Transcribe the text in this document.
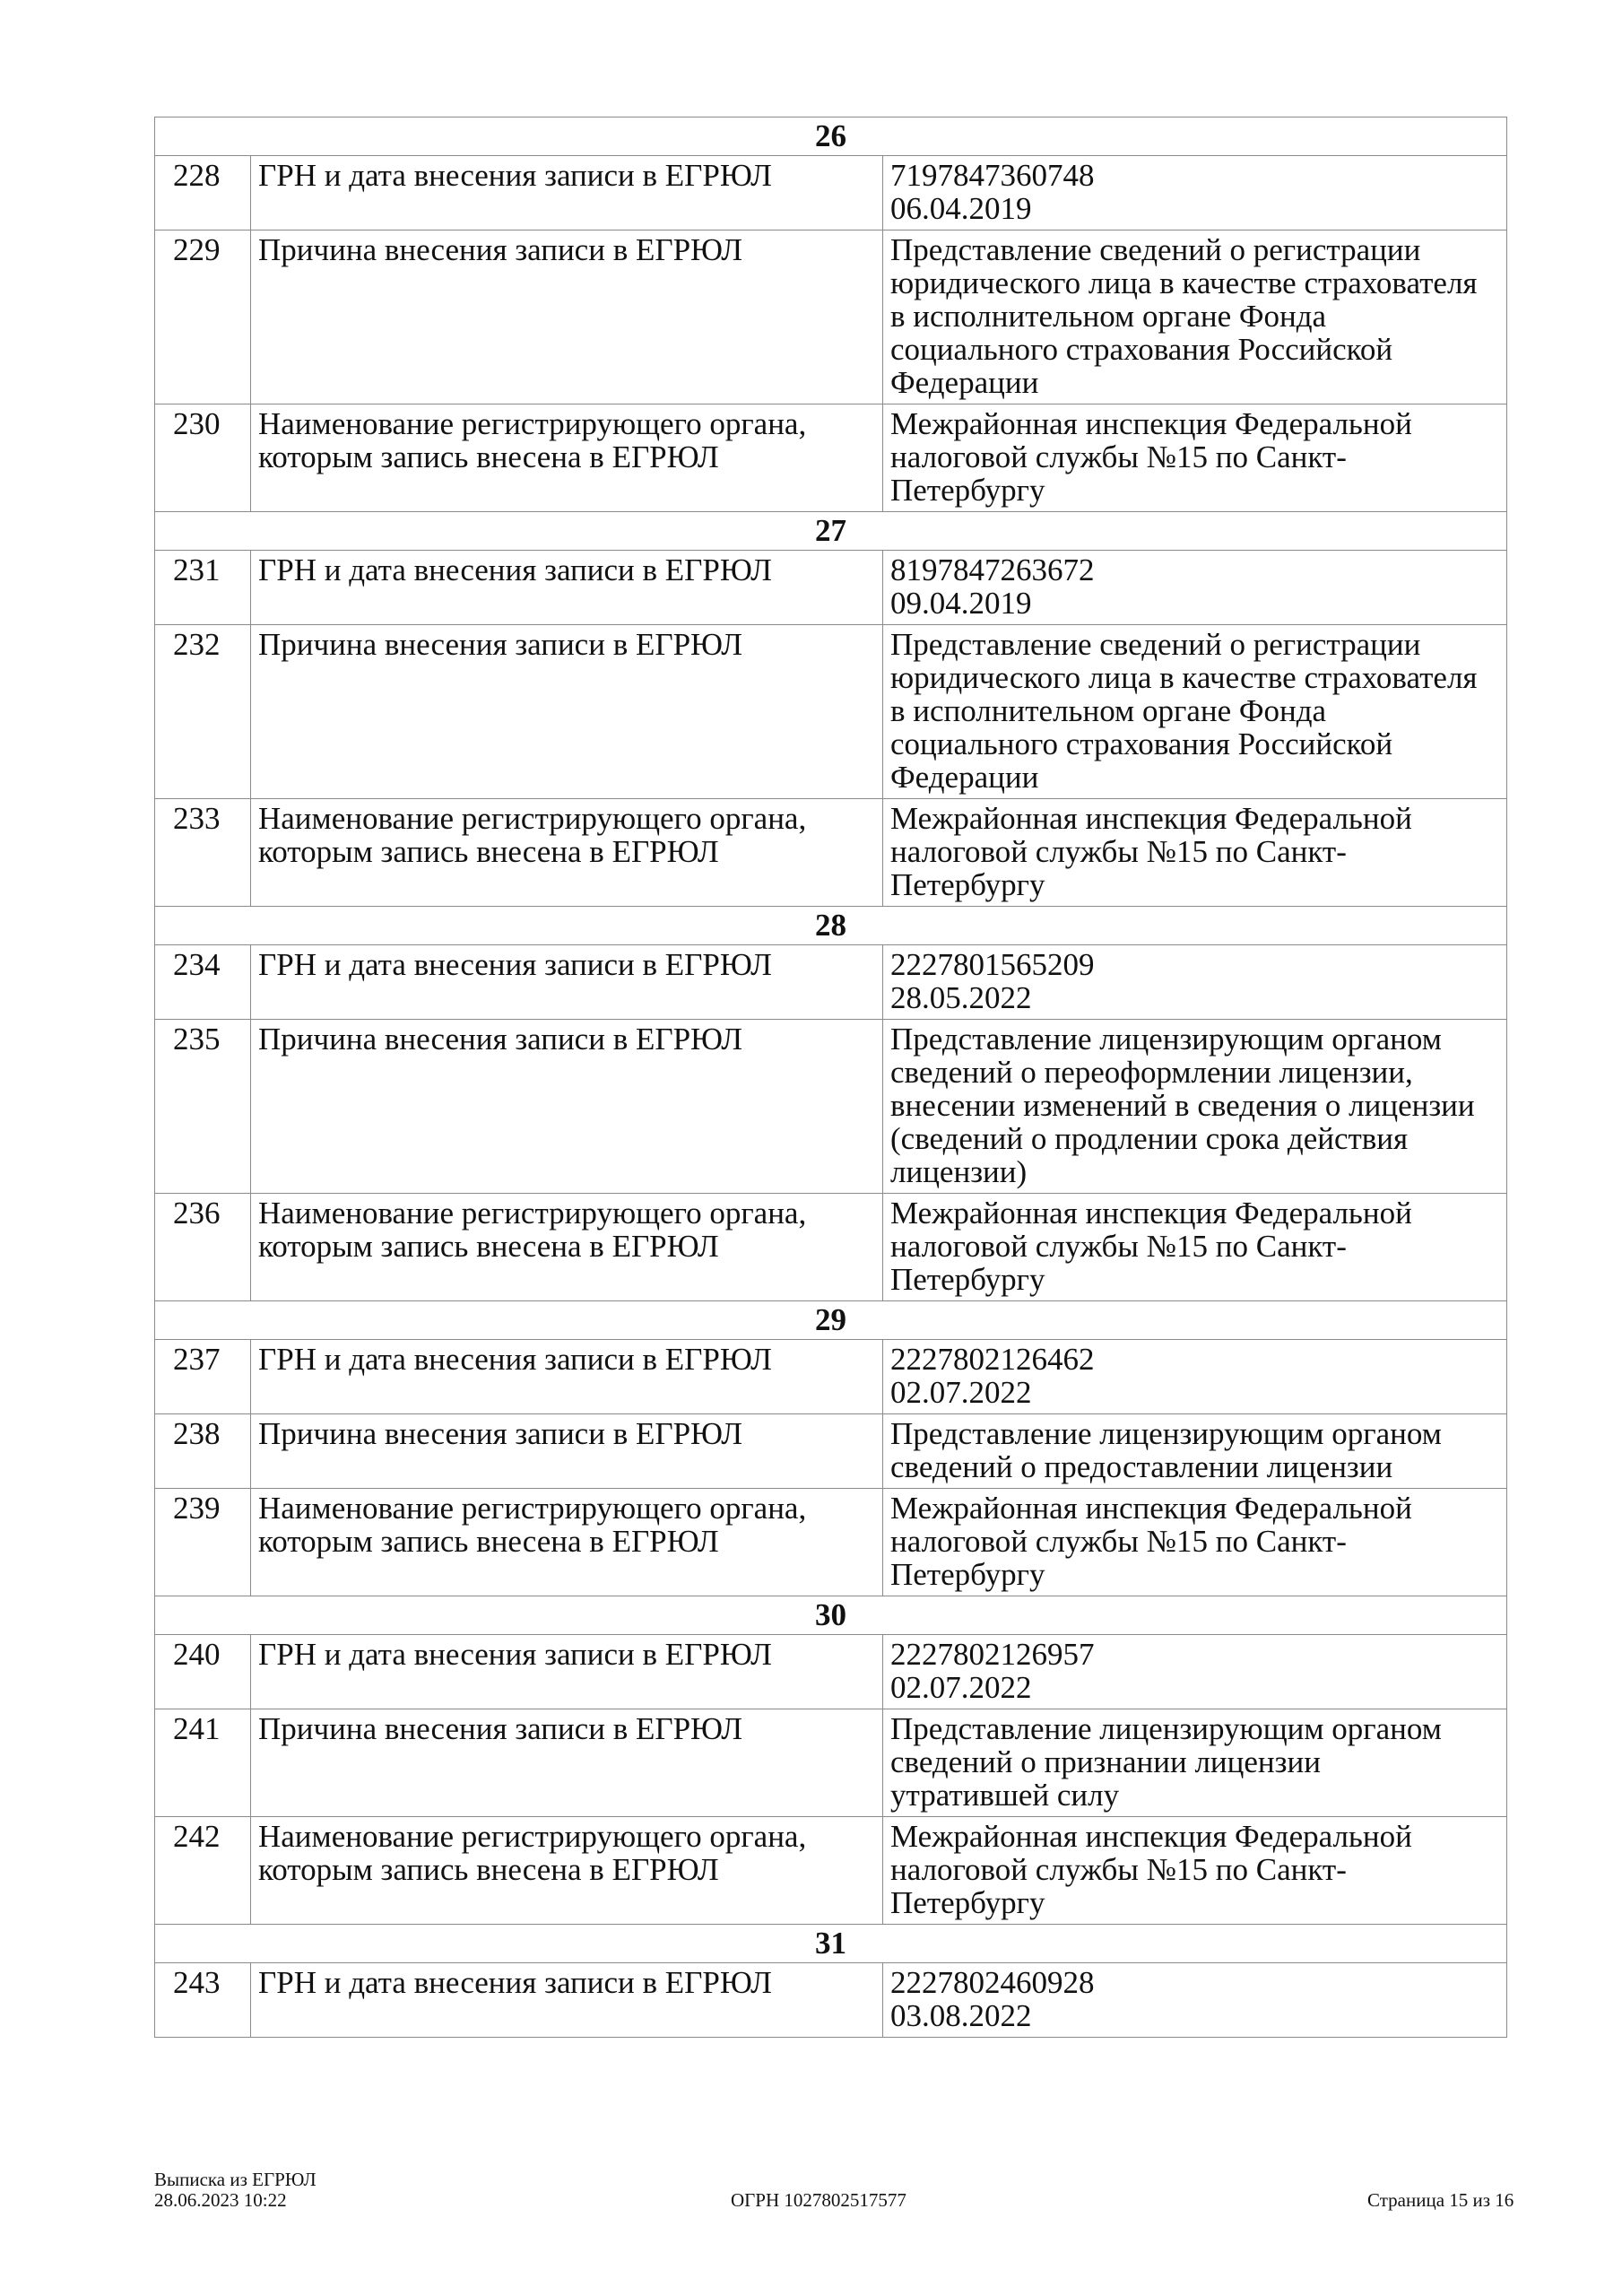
26		
228	ГРН и дата внесения записи в ЕГРЮЛ	7197847360748
06.04.2019

229	Причина внесения записи в ЕГРЮЛ	Представление сведений о регистрации
юридического лица в качестве страхователя
в исполнительном органе Фонда
социального страхования Российской
Федерации

230	Наименование регистрирующего органа,
которым запись внесена в ЕГРЮЛ	Межрайонная инспекция Федеральной
налоговой службы №15 по Санкт-
Петербургу

27		
231	ГРН и дата внесения записи в ЕГРЮЛ	8197847263672
09.04.2019

232	Причина внесения записи в ЕГРЮЛ	Представление сведений о регистрации
юридического лица в качестве страхователя
в исполнительном органе Фонда
социального страхования Российской
Федерации

233	Наименование регистрирующего органа,
которым запись внесена в ЕГРЮЛ	Межрайонная инспекция Федеральной
налоговой службы №15 по Санкт-
Петербургу

28		
234	ГРН и дата внесения записи в ЕГРЮЛ	2227801565209
28.05.2022

235	Причина внесения записи в ЕГРЮЛ	Представление лицензирующим органом
сведений о переоформлении лицензии,
внесении изменений в сведения о лицензии
(сведений о продлении срока действия
лицензии)

236	Наименование регистрирующего органа,
которым запись внесена в ЕГРЮЛ	Межрайонная инспекция Федеральной
налоговой службы №15 по Санкт-
Петербургу

29		
237	ГРН и дата внесения записи в ЕГРЮЛ	2227802126462
02.07.2022

238	Причина внесения записи в ЕГРЮЛ	Представление лицензирующим органом
сведений о предоставлении лицензии

239	Наименование регистрирующего органа,
которым запись внесена в ЕГРЮЛ	Межрайонная инспекция Федеральной
налоговой службы №15 по Санкт-
Петербургу

30		
240	ГРН и дата внесения записи в ЕГРЮЛ	2227802126957
02.07.2022

241	Причина внесения записи в ЕГРЮЛ	Представление лицензирующим органом
сведений о признании лицензии
утратившей силу

242	Наименование регистрирующего органа,
которым запись внесена в ЕГРЮЛ	Межрайонная инспекция Федеральной
налоговой службы №15 по Санкт-
Петербургу

31		
243	ГРН и дата внесения записи в ЕГРЮЛ	2227802460928
03.08.2022
Выписка из ЕГРЮЛ
28.06.2023 10:22	ОГРН 1027802517577	Страница 15 из 16
